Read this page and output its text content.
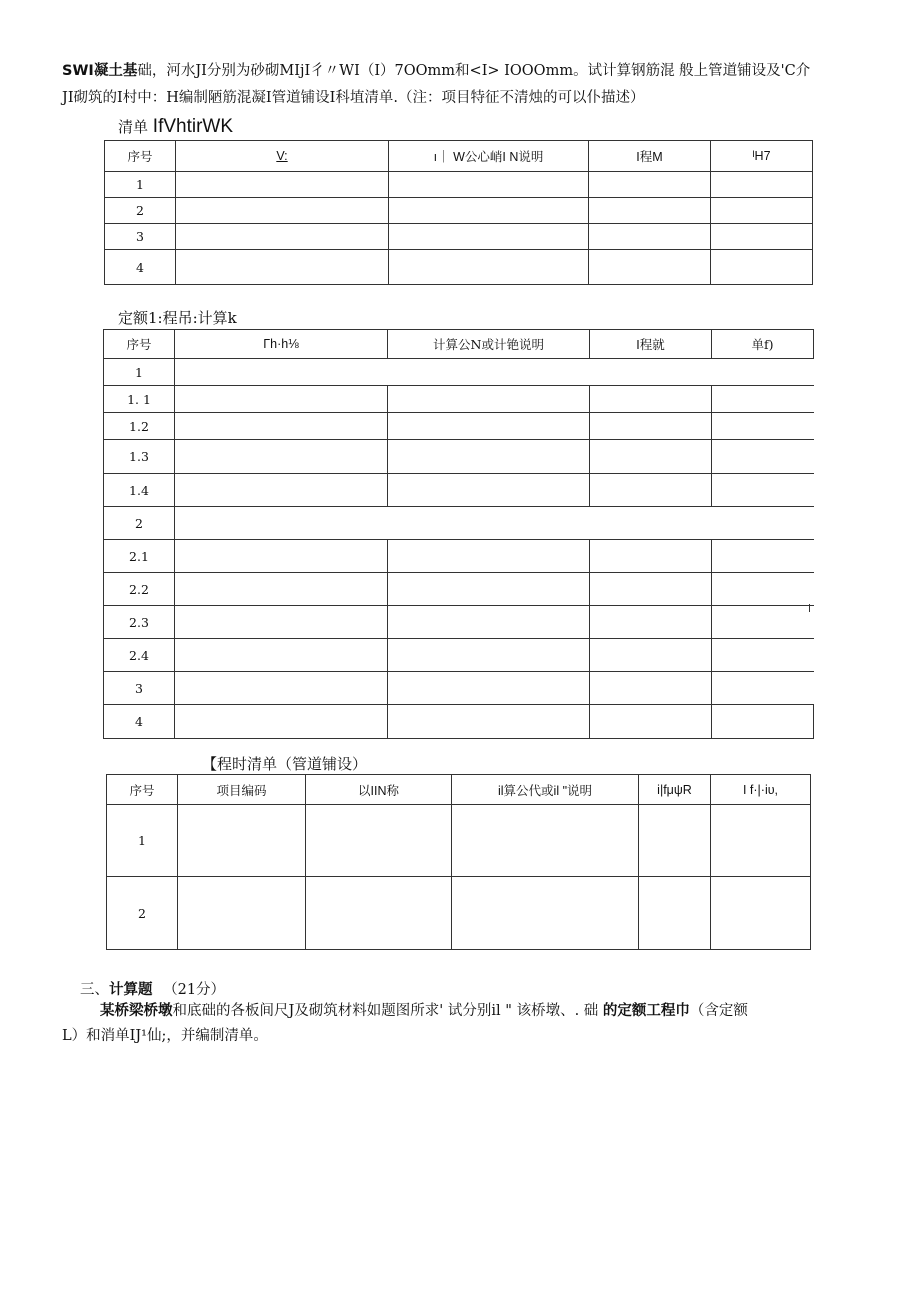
SWI凝土基础，河水JI分别为砂砌MIjI彳〃WI（I）7OOmm和<I> IOOOmm。试计算钢筋混 般上管道铺设及'C介
JI砌筑的I村中：H编制陋筋混凝I管道铺设I科埴清单.（注：项目特征不清烛的可以仆描述）
清单 IfVhtirWK
序号	V:	ı｜ W公心峭I N说明	I程M	ᴵH7
1				
2				
3				
4				
定额1:程吊:计算k
序号	Γh·h⅛	计算公N或计铯说明	I程就	单f)
1				
1. 1				
1.2				
1.3				
1.4				
2				
2.1				
2.2				
2.3				
2.4				
3				
4				
【程时清单（管道铺设）
序号	项目编码	以IIN称	il算公代或il "说明	i|fμψR	I f·|·iυ,
1					
2					
三、计算题 （21分）
某桥梁桥墩和底础的各板间尺J及砌筑材料如题图所求' 试分别il " 该桥墩、. 础 的定额工程巾（含定额
L）和消单IJ¹仙;，并编制清单。
